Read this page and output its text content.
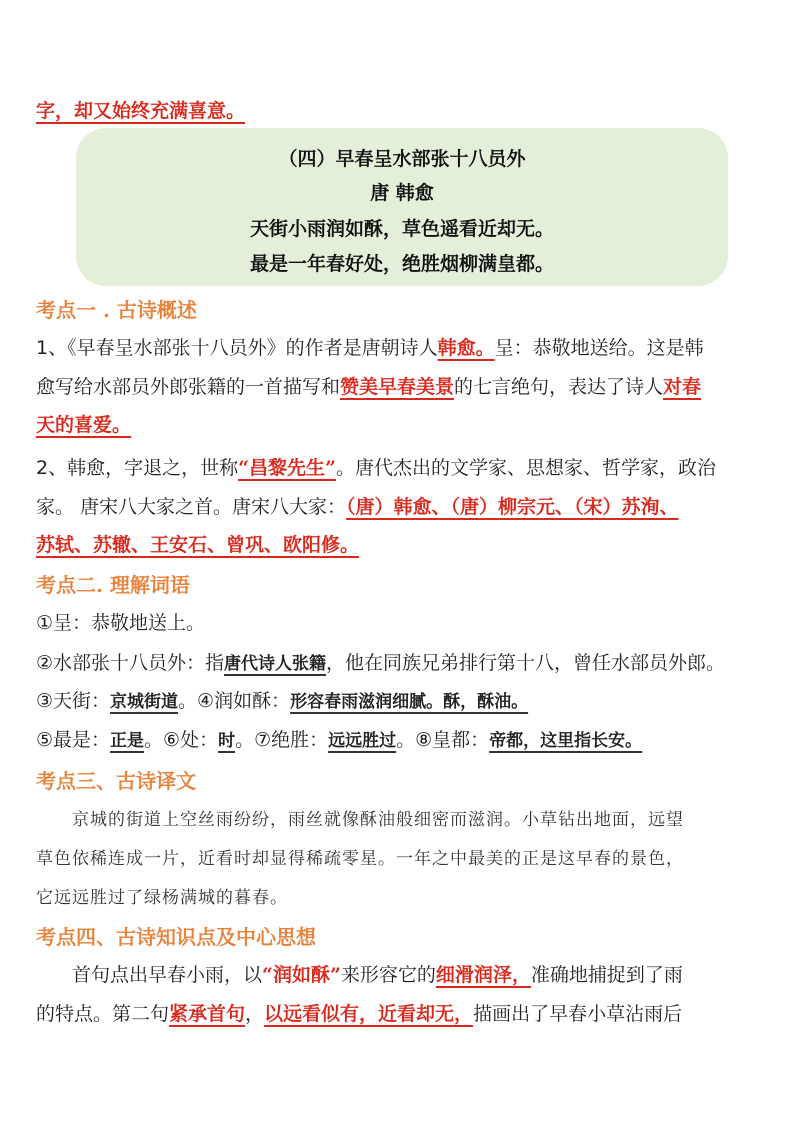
字，却又始终充满喜意。
（四）早春呈水部张十八员外
唐 韩愈
天街小雨润如酥，草色遥看近却无。
最是一年春好处，绝胜烟柳满皇都。
考点一 . 古诗概述
1、《早春呈水部张十八员外》的作者是唐朝诗人韩愈。呈：恭敬地送给。这是韩
愈写给水部员外郎张籍的一首描写和赞美早春美景的七言绝句，表达了诗人对春
天的喜爱。
2、韩愈，字退之，世称“昌黎先生”。唐代杰出的文学家、思想家、哲学家，政治
家。 唐宋八大家之首。唐宋八大家：（唐）韩愈、（唐）柳宗元、（宋）苏洵、
苏轼、苏辙、王安石、曾巩、欧阳修。
考点二. 理解词语
①呈：恭敬地送上。
②水部张十八员外：指唐代诗人张籍，他在同族兄弟排行第十八，曾任水部员外郎。
③天街：京城街道。④润如酥：形容春雨滋润细腻。酥，酥油。
⑤最是：正是。⑥处：时。⑦绝胜：远远胜过。⑧皇都：帝都，这里指长安。
考点三、古诗译文
京城的街道上空丝雨纷纷，雨丝就像酥油般细密而滋润。小草钻出地面，远望
草色依稀连成一片，近看时却显得稀疏零星。一年之中最美的正是这早春的景色，
它远远胜过了绿杨满城的暮春。
考点四、古诗知识点及中心思想
首句点出早春小雨，以“润如酥”来形容它的细滑润泽，准确地捕捉到了雨
的特点。第二句紧承首句，以远看似有，近看却无，描画出了早春小草沾雨后
